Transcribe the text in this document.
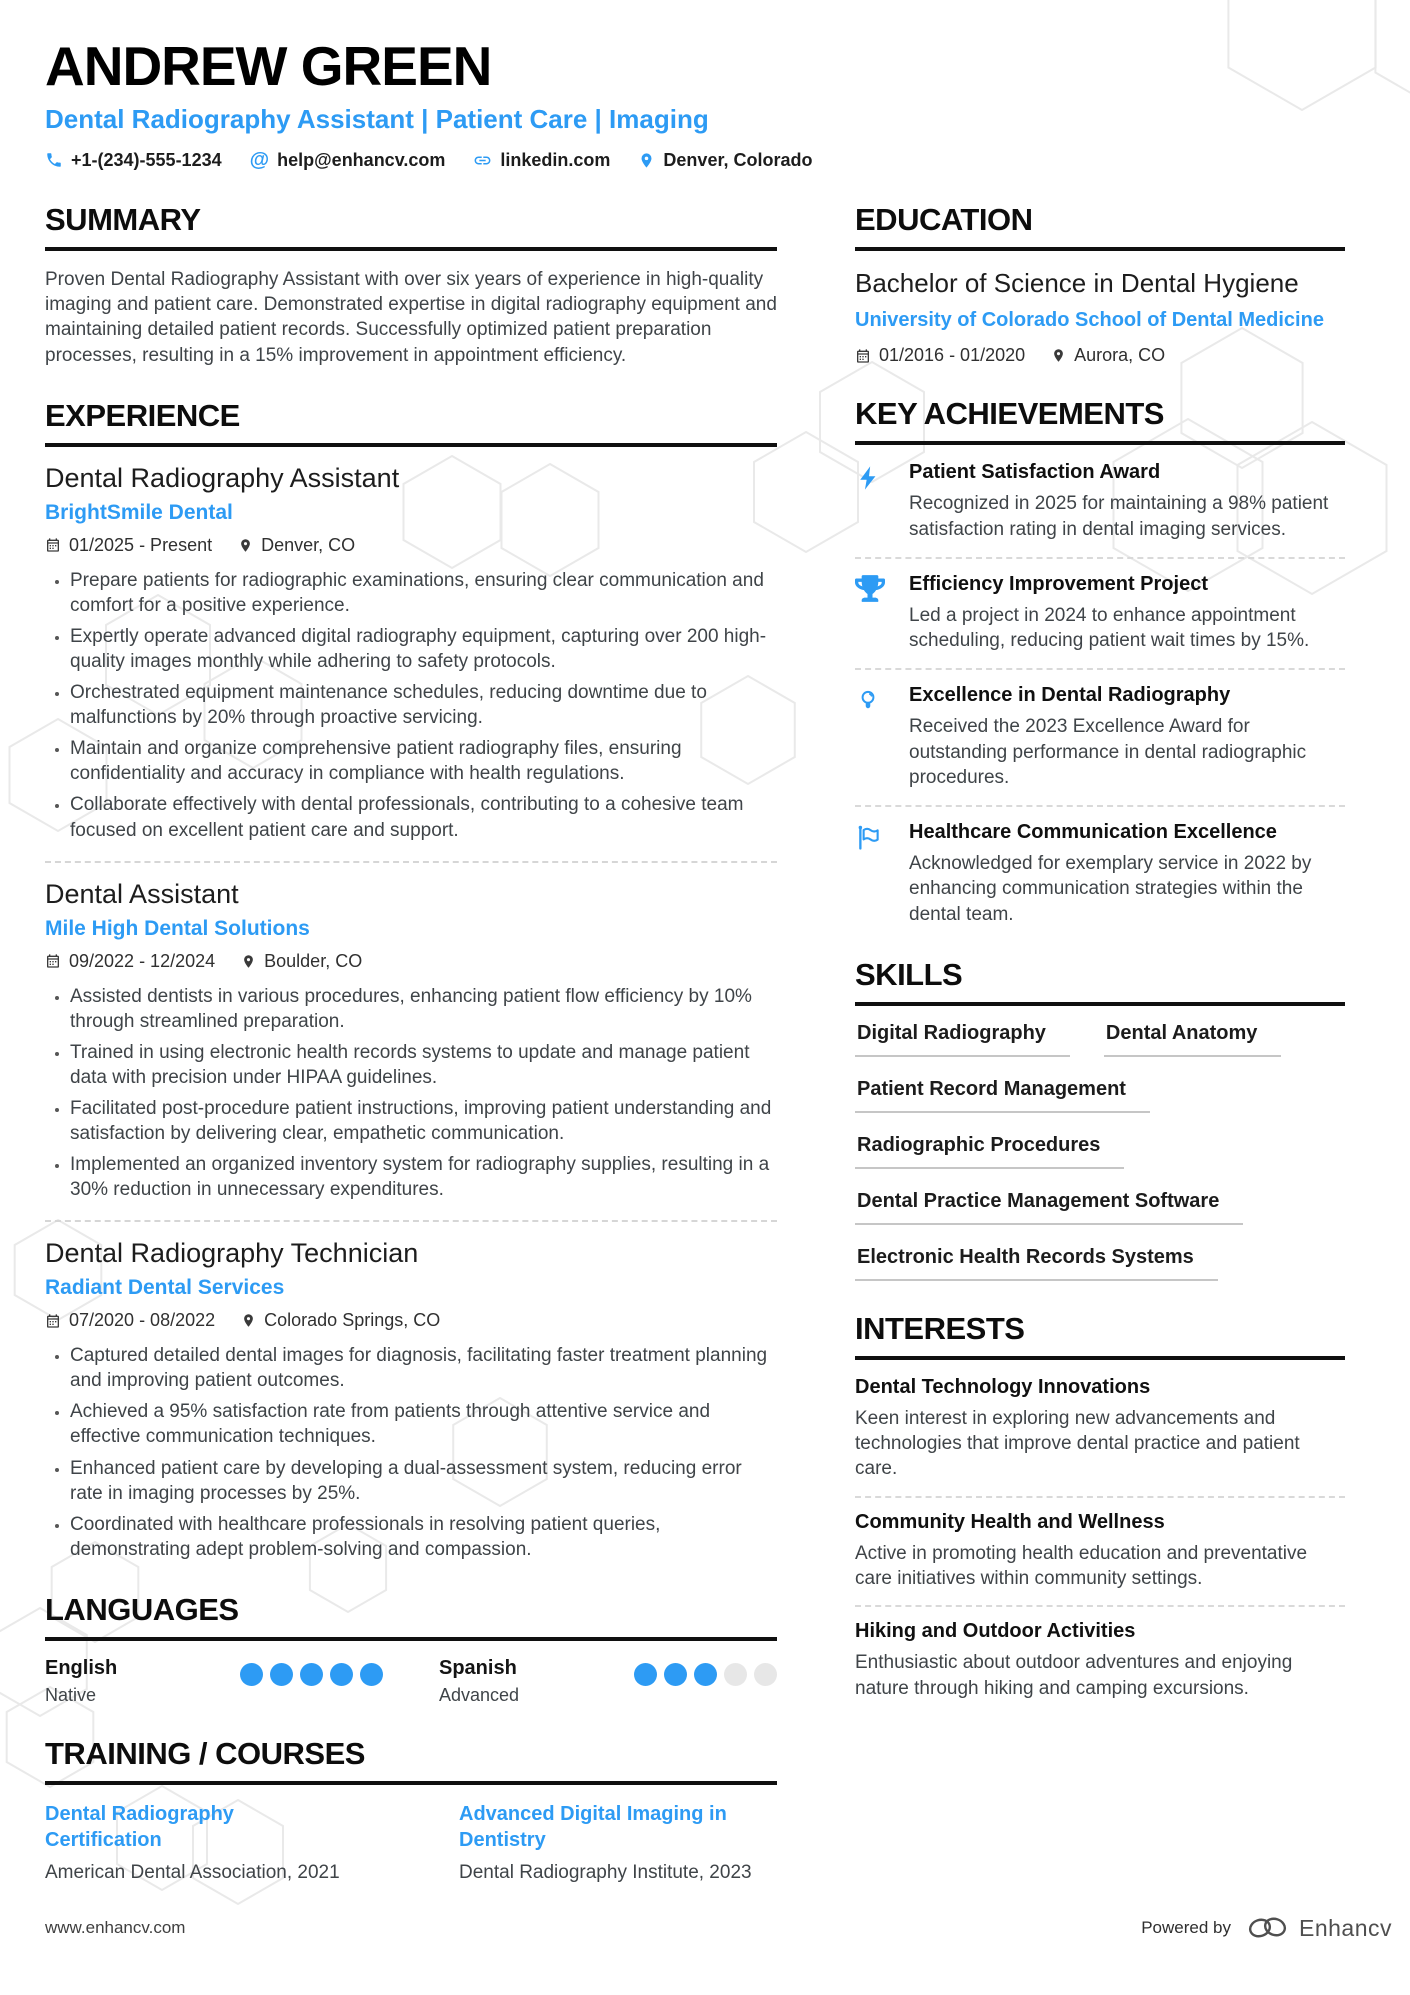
ANDREW GREEN
Dental Radiography Assistant | Patient Care | Imaging
+1-(234)-555-1234 @ help@enhancv.com	linkedin.com	Denver, Colorado
SUMMARY

Proven Dental Radiography Assistant with over six years of experience in high-quality imaging and patient care. Demonstrated expertise in digital radiography equipment and maintaining detailed patient records. Successfully optimized patient preparation processes, resulting in a 15% improvement in appointment efficiency.

EXPERIENCE
Dental Radiography Assistant
BrightSmile Dental
01/2025 - Present	Denver, CO
• Prepare patients for radiographic examinations, ensuring clear communication and comfort for a positive experience.
• Expertly operate advanced digital radiography equipment, capturing over 200 high-quality images monthly while adhering to safety protocols.
• Orchestrated equipment maintenance schedules, reducing downtime due to malfunctions by 20% through proactive servicing.
• Maintain and organize comprehensive patient radiography files, ensuring confidentiality and accuracy in compliance with health regulations.
• Collaborate effectively with dental professionals, contributing to a cohesive team focused on excellent patient care and support.
Dental Assistant
Mile High Dental Solutions
09/2022 - 12/2024	Boulder, CO
• Assisted dentists in various procedures, enhancing patient flow efficiency by 10% through streamlined preparation.
• Trained in using electronic health records systems to update and manage patient data with precision under HIPAA guidelines.
• Facilitated post-procedure patient instructions, improving patient understanding and satisfaction by delivering clear, empathetic communication.
• Implemented an organized inventory system for radiography supplies, resulting in a 30% reduction in unnecessary expenditures.
Dental Radiography Technician
Radiant Dental Services
07/2020 - 08/2022	Colorado Springs, CO
• Captured detailed dental images for diagnosis, facilitating faster treatment planning and improving patient outcomes.
• Achieved a 95% satisfaction rate from patients through attentive service and effective communication techniques.
• Enhanced patient care by developing a dual-assessment system, reducing error rate in imaging processes by 25%.
• Coordinated with healthcare professionals in resolving patient queries, demonstrating adept problem-solving and compassion.
LANGUAGES
English
Native
Spanish
Advanced
TRAINING / COURSES
Dental Radiography Certification
American Dental Association, 2021
Advanced Digital Imaging in Dentistry
Dental Radiography Institute, 2023
EDUCATION
Bachelor of Science in Dental Hygiene
University of Colorado School of Dental Medicine
01/2016 - 01/2020	Aurora, CO
KEY ACHIEVEMENTS
Patient Satisfaction Award
Recognized in 2025 for maintaining a 98% patient satisfaction rating in dental imaging services.
Efficiency Improvement Project
Led a project in 2024 to enhance appointment scheduling, reducing patient wait times by 15%.
Excellence in Dental Radiography
Received the 2023 Excellence Award for outstanding performance in dental radiographic procedures.
Healthcare Communication Excellence
Acknowledged for exemplary service in 2022 by enhancing communication strategies within the dental team.
SKILLS
Digital Radiography	Dental Anatomy
Patient Record Management
Radiographic Procedures
Dental Practice Management Software
Electronic Health Records Systems
INTERESTS
Dental Technology Innovations
Keen interest in exploring new advancements and technologies that improve dental practice and patient care.
Community Health and Wellness
Active in promoting health education and preventative care initiatives within community settings.
Hiking and Outdoor Activities
Enthusiastic about outdoor adventures and enjoying nature through hiking and camping excursions.
www.enhancv.com	Powered by	Enhancv
